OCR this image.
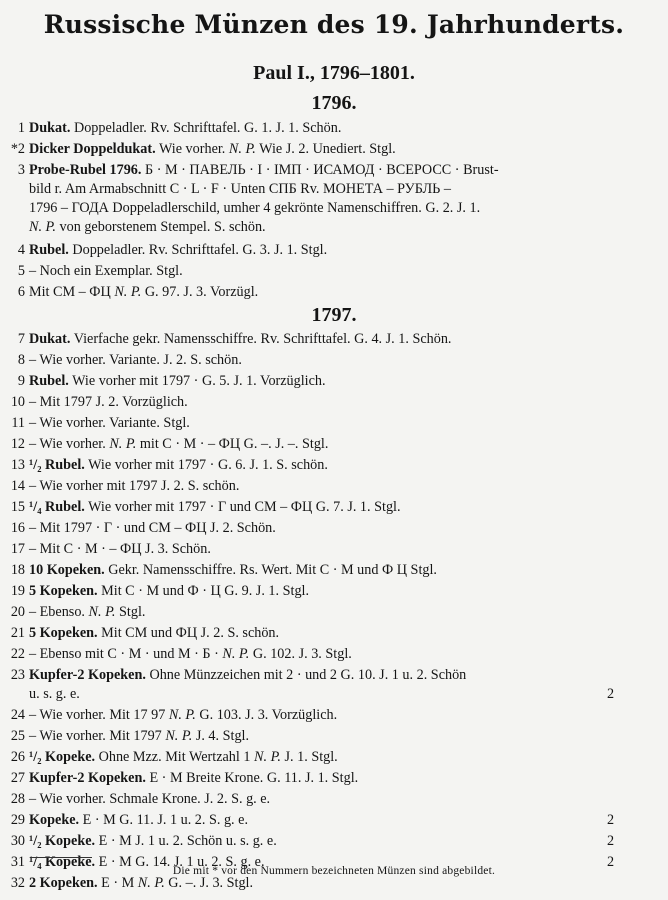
Russische Münzen des 19. Jahrhunderts.
Paul I., 1796–1801.
1796.
1 Dukat. Doppeladler. Rv. Schrifttafel. G. 1. J. 1. Schön.
*2 Dicker Doppeldukat. Wie vorher. N. P. Wie J. 2. Unediert. Stgl.
3 Probe-Rubel 1796. Б · М · ПАВЕЛЬ · I · IМП · ИСАМОД · ВСЕРОСС · Brust-
bild r. Am Armabschnitt C · L · F · Unten СПБ Rv. МОНЕТА – РУБЛЬ –
1796 – ГОДА Doppeladlerschild, umher 4 gekrönte Namenschiffren. G. 2. J. 1.
N. P. von geborstenem Stempel. S. schön.
4 Rubel. Doppeladler. Rv. Schrifttafel. G. 3. J. 1. Stgl.
5 – Noch ein Exemplar. Stgl.
6 Mit CM – ФЦ N. P. G. 97. J. 3. Vorzügl.
1797.
7 Dukat. Vierfache gekr. Namensschiffre. Rv. Schrifttafel. G. 4. J. 1. Schön.
8 – Wie vorher. Variante. J. 2. S. schön.
9 Rubel. Wie vorher mit 1797 · G. 5. J. 1. Vorzüglich.
10 – Mit 1797 J. 2. Vorzüglich.
11 – Wie vorher. Variante. Stgl.
12 – Wie vorher. N. P. mit C · M · – ФЦ G. –. J. –. Stgl.
13 ¹/₂ Rubel. Wie vorher mit 1797 · G. 6. J. 1. S. schön.
14 – Wie vorher mit 1797 J. 2. S. schön.
15 ¹/₄ Rubel. Wie vorher mit 1797 · Г und CM – ФЦ G. 7. J. 1. Stgl.
16 – Mit 1797 · Г · und CM – ФЦ J. 2. Schön.
17 – Mit C · M · – ФЦ J. 3. Schön.
18 10 Kopeken. Gekr. Namensschiffre. Rs. Wert. Mit C · M und Ф Ц Stgl.
19 5 Kopeken. Mit C · M und Ф · Ц G. 9. J. 1. Stgl.
20 – Ebenso. N. P. Stgl.
21 5 Kopeken. Mit CM und ФЦ J. 2. S. schön.
22 – Ebenso mit C · M · und M · Б · N. P. G. 102. J. 3. Stgl.
23 Kupfer-2 Kopeken. Ohne Münzzeichen mit 2 · und 2 G. 10. J. 1 u. 2. Schön
u. s. g. e.	2
24 – Wie vorher. Mit 17 97 N. P. G. 103. J. 3. Vorzüglich.
25 – Wie vorher. Mit 1797 N. P. J. 4. Stgl.
26 ¹/₂ Kopeke. Ohne Mzz. Mit Wertzahl 1 N. P. J. 1. Stgl.
27 Kupfer-2 Kopeken. E · M Breite Krone. G. 11. J. 1. Stgl.
28 – Wie vorher. Schmale Krone. J. 2. S. g. e.
29 Kopeke. E · M G. 11. J. 1 u. 2. S. g. e.	2
30 ¹/₂ Kopeke. E · M J. 1 u. 2. Schön u. s. g. e.	2
31 ¹/₄ Kopeke. E · M G. 14. J. 1 u. 2. S. g. e.	2
32 2 Kopeken. E · M N. P. G. –. J. 3. Stgl.
Die mit * vor den Nummern bezeichneten Münzen sind abgebildet.
